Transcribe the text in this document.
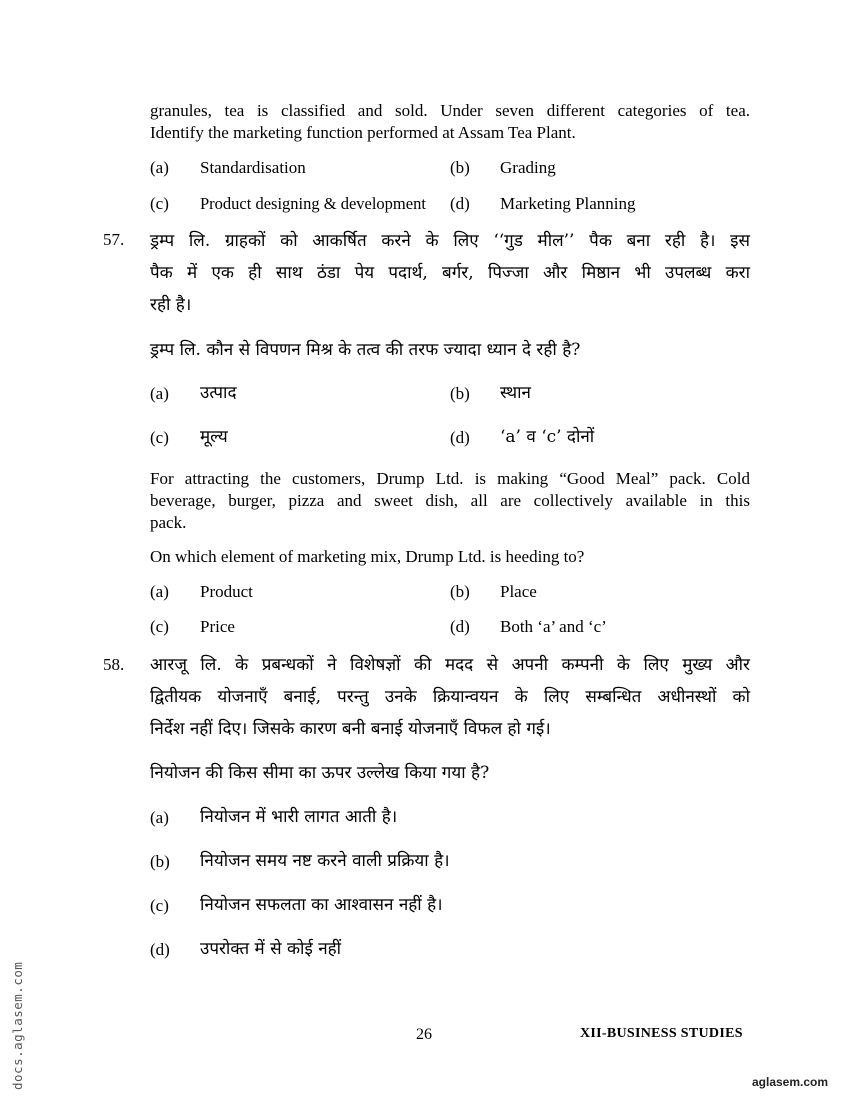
granules, tea is classified and sold. Under seven different categories of tea.
Identify the marketing function performed at Assam Tea Plant.
(a) Standardisation	(b) Grading
(c) Product designing & development (d) Marketing Planning
57. ड्रम्प लि. ग्राहकों को आकर्षित करने के लिए ‘‘गुड मील’’ पैक बना रही है। इस
पैक में एक ही साथ ठंडा पेय पदार्थ, बर्गर, पिज्जा और मिष्ठान भी उपलब्ध करा
रही है।
ड्रम्प लि. कौन से विपणन मिश्र के तत्व की तरफ ज्यादा ध्यान दे रही है?
(a) उत्पाद	(b) स्थान
(c) मूल्य	(d) ‘a’ व ‘c’ दोनों
For attracting the customers, Drump Ltd. is making “Good Meal” pack. Cold
beverage, burger, pizza and sweet dish, all are collectively available in this
pack.
On which element of marketing mix, Drump Ltd. is heeding to?
(a) Product	(b) Place
(c) Price	(d) Both ‘a’ and ‘c’
58. आरजू लि. के प्रबन्धकों ने विशेषज्ञों की मदद से अपनी कम्पनी के लिए मुख्य और
द्वितीयक योजनाएँ बनाई, परन्तु उनके क्रियान्वयन के लिए सम्बन्धित अधीनस्थों को
निर्देश नहीं दिए। जिसके कारण बनी बनाई योजनाएँ विफल हो गई।
नियोजन की किस सीमा का ऊपर उल्लेख किया गया है?
(a) नियोजन में भारी लागत आती है।
(b) नियोजन समय नष्ट करने वाली प्रक्रिया है।
(c) नियोजन सफलता का आश्वासन नहीं है।
(d) उपरोक्त में से कोई नहीं
26	XII-BUSINESS STUDIES
docs.aglasem.com	aglasem.com
